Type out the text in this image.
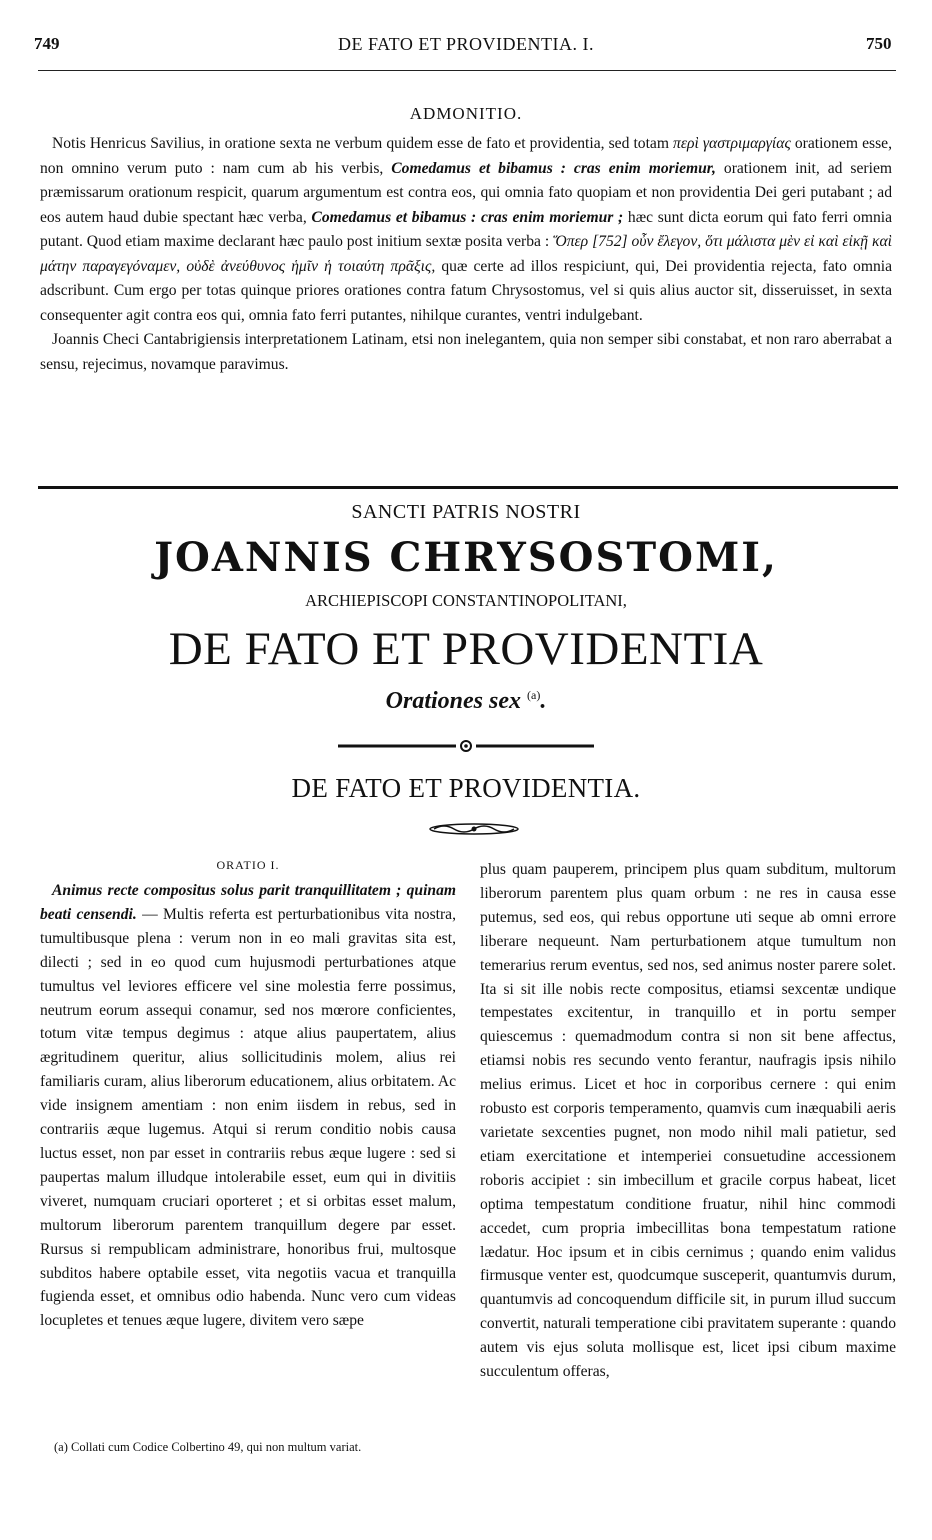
749	DE FATO ET PROVIDENTIA. I.	750
ADMONITIO.

Notis Henricus Savilius, in oratione sexta ne verbum quidem esse de fato et providentia, sed totam περὶ γαστριμαργίας orationem esse, non omnino verum puto : nam cum ab his verbis, Comedamus et bibamus : cras enim moriemur, orationem init, ad seriem præmissarum orationum respicit, quarum argumentum est contra eos, qui omnia fato quopiam et non providentia Dei geri putabant ; ad eos autem haud dubie spectant hæc verba, Comedamus et bibamus : cras enim moriemur ; hæc sunt dicta eorum qui fato ferri omnia putant. Quod etiam maxime declarant hæc paulo post initium sextæ posita verba : Ὅπερ [752] οὖν ἔλεγον, ὅτι μάλιστα μὲν εἰ καὶ εἰκῇ καὶ μάτην παραγεγόναμεν, οὐδὲ ἀνεύθυνος ἡμῖν ἡ τοιαύτη πρᾶξις, quæ certe ad illos respiciunt, qui, Dei providentia rejecta, fato omnia adscribunt. Cum ergo per totas quinque priores orationes contra fatum Chrysostomus, vel si quis alius auctor sit, disseruisset, in sexta consequenter agit contra eos qui, omnia fato ferri putantes, nihilque curantes, ventri indulgebant.

Joannis Checi Cantabrigiensis interpretationem Latinam, etsi non inelegantem, quia non semper sibi constabat, et non raro aberrabat a sensu, rejecimus, novamque paravimus.

SANCTI PATRIS NOSTRI
JOANNIS CHRYSOSTOMI,
ARCHIEPISCOPI CONSTANTINOPOLITANI,
DE FATO ET PROVIDENTIA
Orationes sex $^{(a)}$.
DE FATO ET PROVIDENTIA.
ORATIO I.
Animus recte compositus solus parit tranquillitatem ; quinam beati censendi. — Multis referta est perturbationibus vita nostra, tumultibusque plena : verum non in eo mali gravitas sita est, dilecti ; sed in eo quod cum hujusmodi perturbationes atque tumultus vel leviores efficere vel sine molestia ferre possimus, neutrum eorum assequi conamur, sed nos mœrore conficientes, totum vitæ tempus degimus : atque alius paupertatem, alius ægritudinem queritur, alius sollicitudinis molem, alius rei familiaris curam, alius liberorum educationem, alius orbitatem. Ac vide insignem amentiam : non enim iisdem in rebus, sed in contrariis æque lugemus. Atqui si rerum conditio nobis causa luctus esset, non par esset in contrariis rebus æque lugere : sed si paupertas malum illudque intolerabile esset, eum qui in divitiis viveret, numquam cruciari oporteret ; et si orbitas esset malum, multorum liberorum parentem tranquillum degere par esset. Rursus si rempublicam administrare, honoribus frui, multosque subditos habere optabile esset, vita negotiis vacua et tranquilla fugienda esset, et omnibus odio habenda. Nunc vero cum videas locupletes et tenues æque lugere, divitem vero sæpe
(a) Collati cum Codice Colbertino 49, qui non multum variat.
plus quam pauperem, principem plus quam subditum, multorum liberorum parentem plus quam orbum : ne res in causa esse putemus, sed eos, qui rebus opportune uti seque ab omni errore liberare nequeunt. Nam perturbationem atque tumultum non temerarius rerum eventus, sed nos, sed animus noster parere solet. Ita si sit ille nobis recte compositus, etiamsi sexcentæ undique tempestates excitentur, in tranquillo et in portu semper quiescemus : quemadmodum contra si non sit bene affectus, etiamsi nobis res secundo vento ferantur, naufragis ipsis nihilo melius erimus. Licet et hoc in corporibus cernere : qui enim robusto est corporis temperamento, quamvis cum inæquabili aeris varietate sexcenties pugnet, non modo nihil mali patietur, sed etiam exercitatione et intemperiei consuetudine accessionem roboris accipiet : sin imbecillum et gracile corpus habeat, licet optima tempestatum conditione fruatur, nihil hinc commodi accedet, cum propria imbecillitas bona tempestatum ratione lædatur. Hoc ipsum et in cibis cernimus ; quando enim validus firmusque venter est, quodcumque susceperit, quantumvis durum, quantumvis ad concoquendum difficile sit, in purum illud succum convertit, naturali temperatione cibi pravitatem superante : quando autem vis ejus soluta mollisque est, licet ipsi cibum maxime succulentum offeras,
